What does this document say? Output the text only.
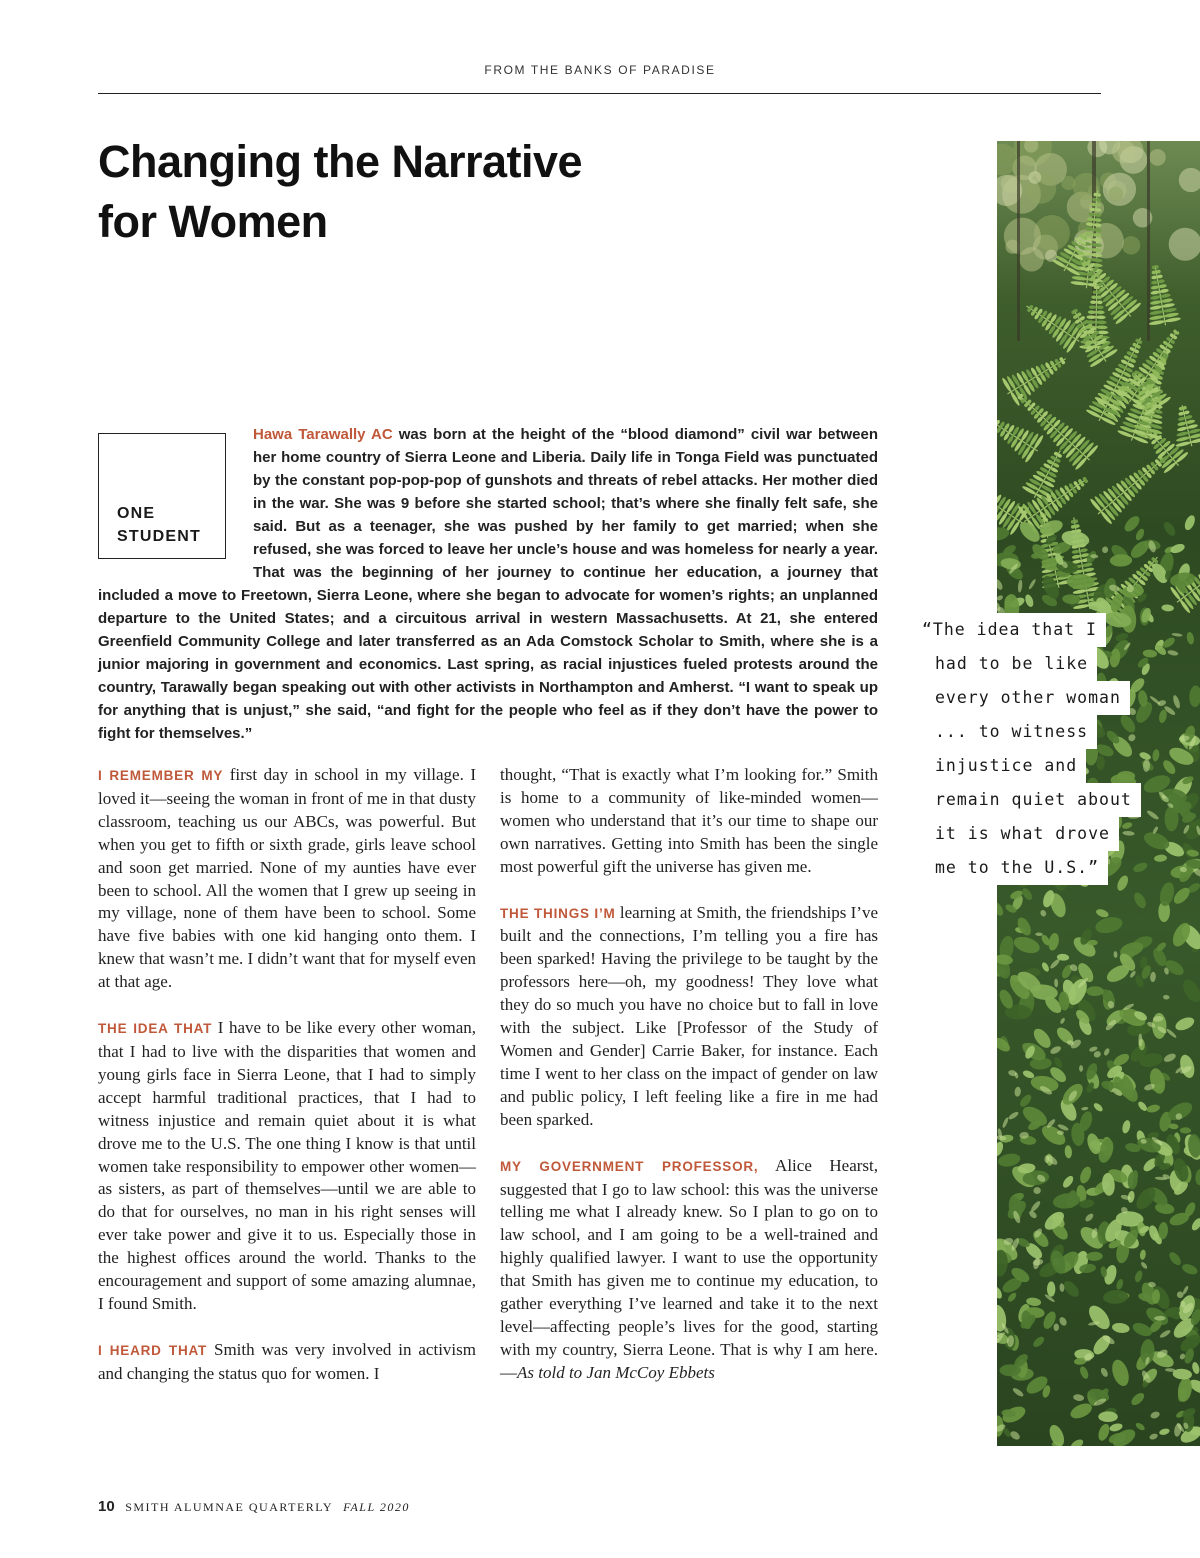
FROM THE BANKS OF PARADISE
Changing the Narrative
for Women
ONE
STUDENT

Hawa Tarawally AC was born at the height of the “blood diamond” civil war between her home country of Sierra Leone and Liberia. Daily life in Tonga Field was punctuated by the constant pop-pop-pop of gunshots and threats of rebel attacks. Her mother died in the war. She was 9 before she started school; that’s where she finally felt safe, she said. But as a teenager, she was pushed by her family to get married; when she refused, she was forced to leave her uncle’s house and was homeless for nearly a year. That was the beginning of her journey to continue her education, a journey that included a move to Freetown, Sierra Leone, where she began to advocate for women’s rights; an unplanned departure to the United States; and a circuitous arrival in western Massachusetts. At 21, she entered Greenfield Community College and later transferred as an Ada Comstock Scholar to Smith, where she is a junior majoring in government and economics. Last spring, as racial injustices fueled protests around the country, Tarawally began speaking out with other activists in Northampton and Amherst. “I want to speak up for anything that is unjust,” she said, “and fight for the people who feel as if they don’t have the power to fight for themselves.”

I REMEMBER MY first day in school in my village. I loved it—seeing the woman in front of me in that dusty classroom, teaching us our ABCs, was powerful. But when you get to fifth or sixth grade, girls leave school and soon get married. None of my aunties have ever been to school. All the women that I grew up seeing in my village, none of them have been to school. Some have five babies with one kid hanging onto them. I knew that wasn’t me. I didn’t want that for myself even at that age.

THE IDEA THAT I have to be like every other woman, that I had to live with the disparities that women and young girls face in Sierra Leone, that I had to simply accept harmful traditional practices, that I had to witness injustice and remain quiet about it is what drove me to the U.S. The one thing I know is that until women take responsibility to empower other women—as sisters, as part of themselves—until we are able to do that for ourselves, no man in his right senses will ever take power and give it to us. Especially those in the highest offices around the world. Thanks to the encouragement and support of some amazing alumnae, I found Smith.

I HEARD THAT Smith was very involved in activism and changing the status quo for women. I

thought, “That is exactly what I’m looking for.” Smith is home to a community of like-minded women—women who understand that it’s our time to shape our own narratives. Getting into Smith has been the single most powerful gift the universe has given me.

THE THINGS I’M learning at Smith, the friendships I’ve built and the connections, I’m telling you a fire has been sparked! Having the privilege to be taught by the professors here—oh, my goodness! They love what they do so much you have no choice but to fall in love with the subject. Like [Professor of the Study of Women and Gender] Carrie Baker, for instance. Each time I went to her class on the impact of gender on law and public policy, I left feeling like a fire in me had been sparked.

MY GOVERNMENT PROFESSOR, Alice Hearst, suggested that I go to law school: this was the universe telling me what I already knew. So I plan to go on to law school, and I am going to be a well-trained and highly qualified lawyer. I want to use the opportunity that Smith has given me to continue my education, to gather everything I’ve learned and take it to the next level—affecting people’s lives for the good, starting with my country, Sierra Leone. That is why I am here.—As told to Jan McCoy Ebbets

“The idea that I
had to be like
every other woman
... to witness
injustice and
remain quiet about
it is what drove
me to the U.S.”
10 SMITH ALUMNAE QUARTERLY FALL 2020
